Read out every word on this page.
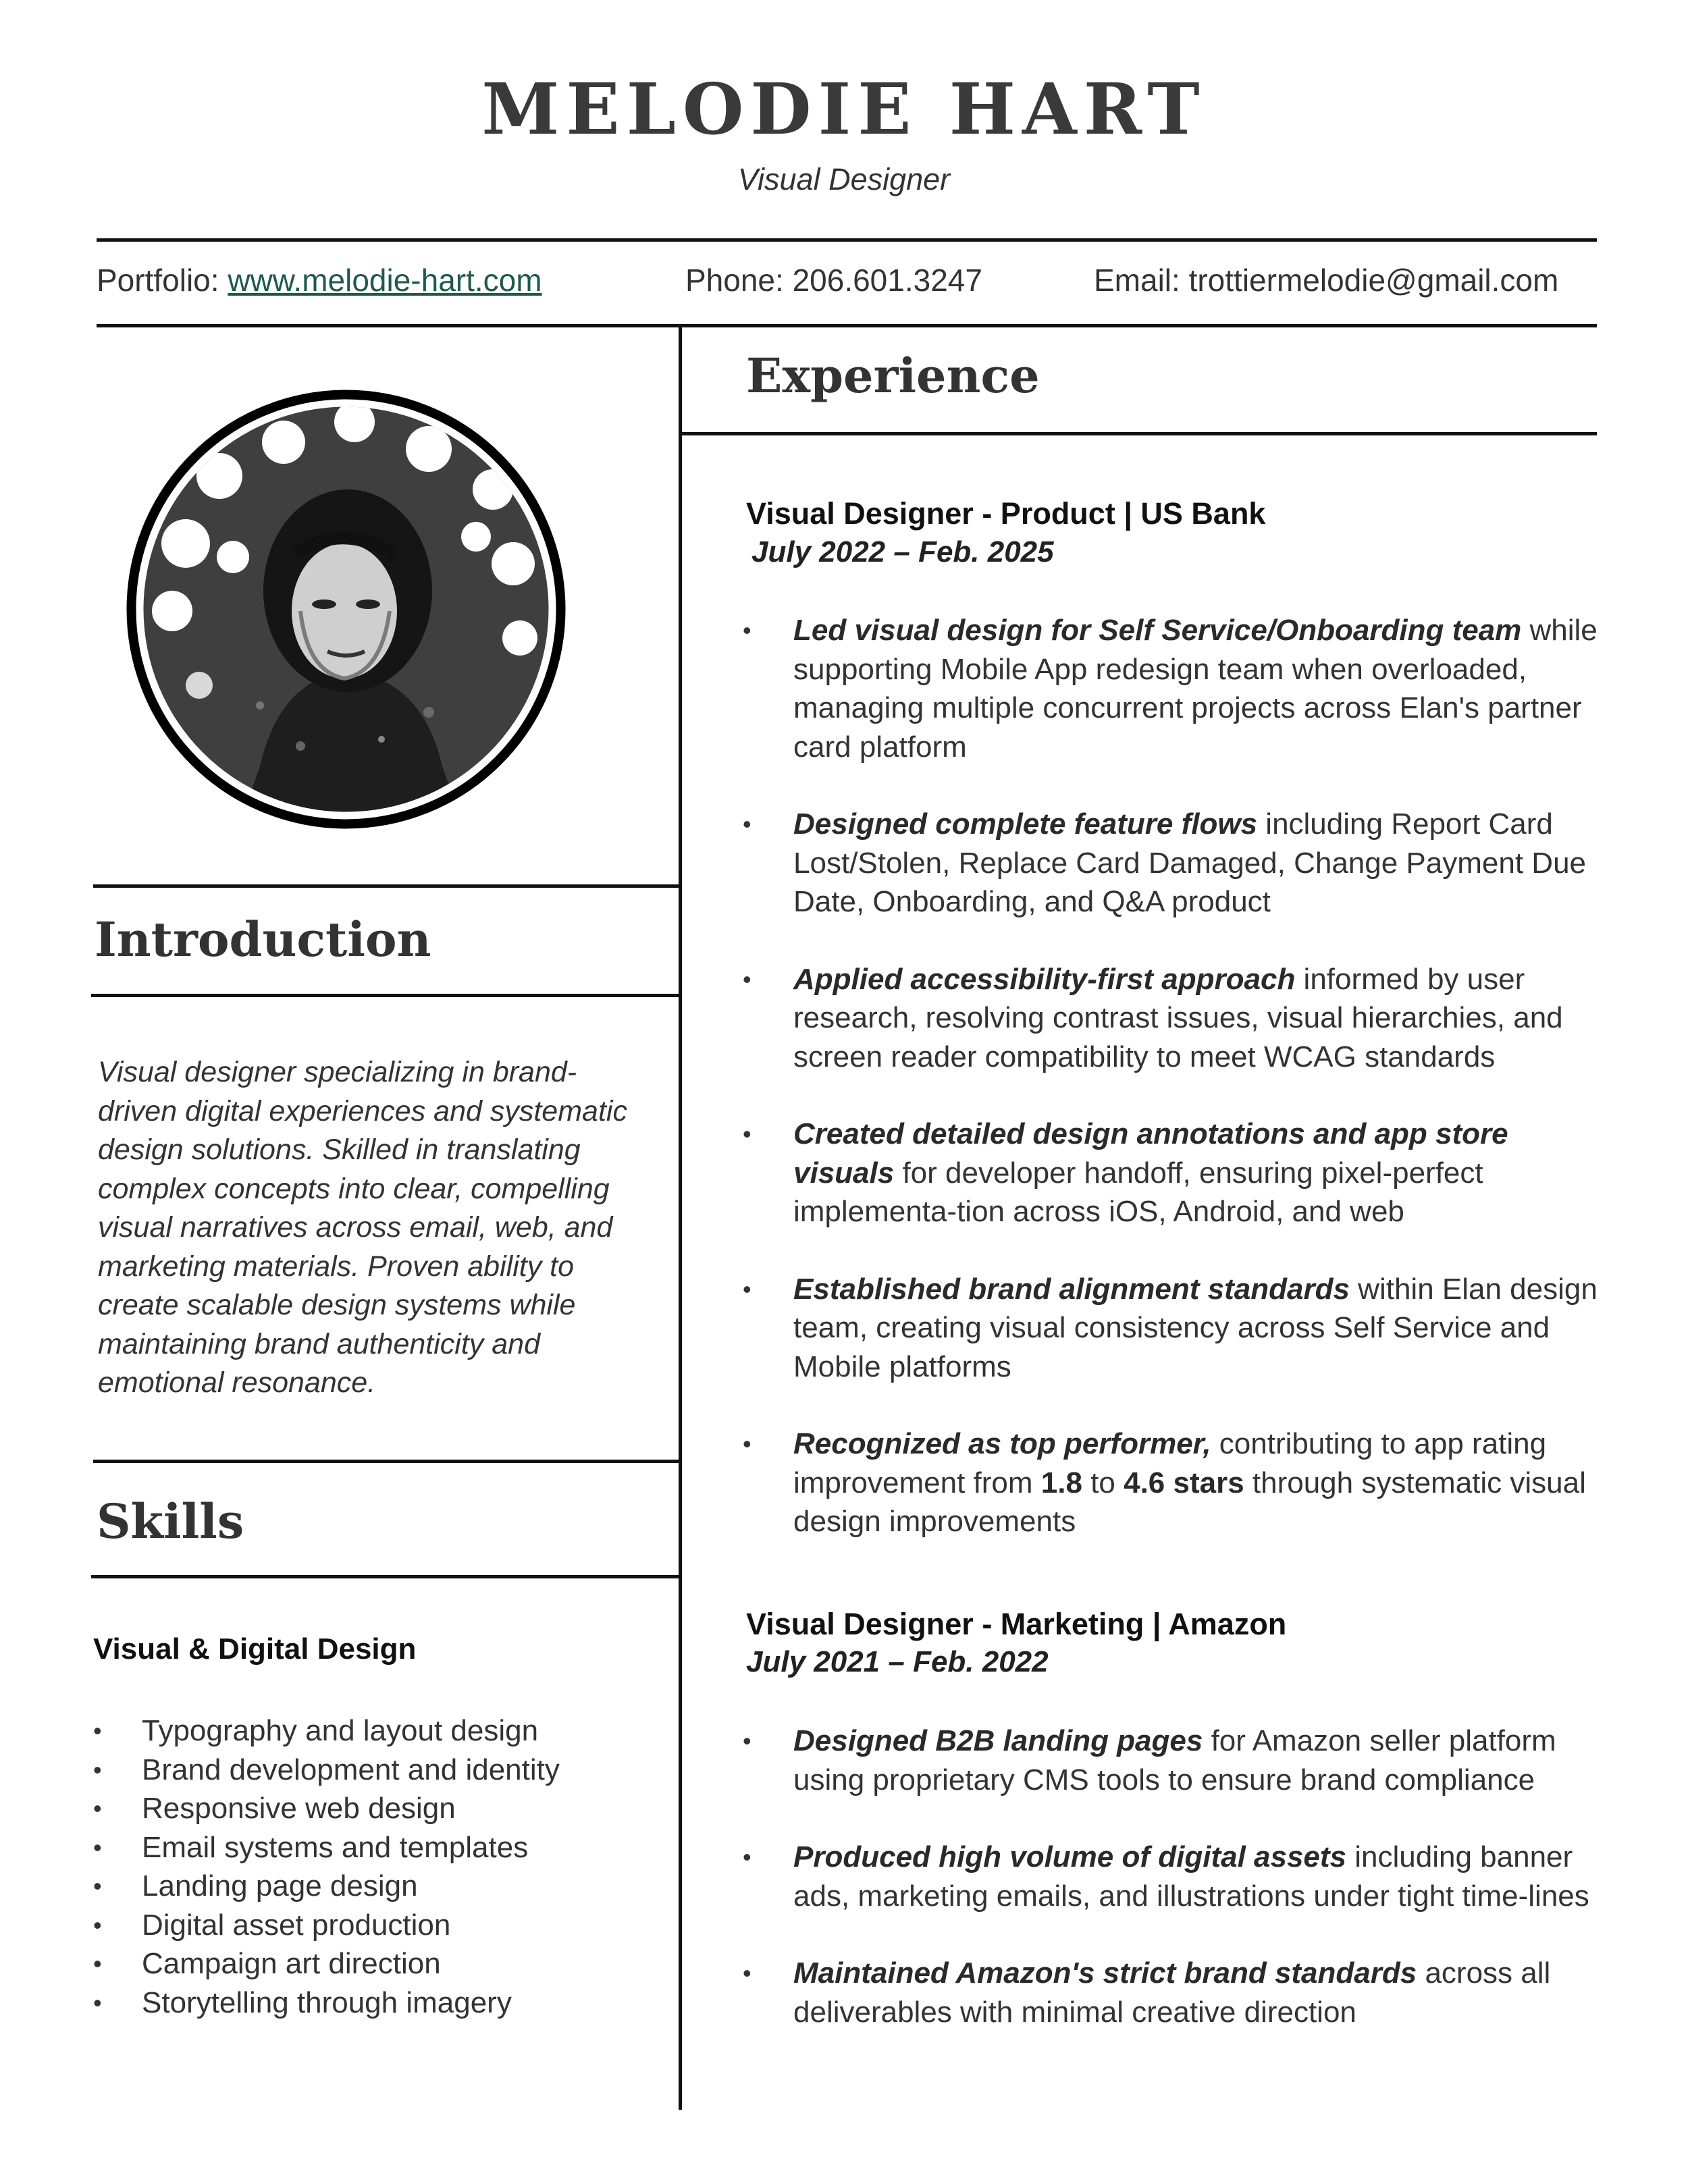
MELODIE HART
Visual Designer
Portfolio: www.melodie-hart.com	Phone: 206.601.3247	Email: trottiermelodie@gmail.com
Experience
Introduction
Visual designer specializing in brand-driven digital experiences and systematic design solutions. Skilled in translating complex concepts into clear, compelling visual narratives across email, web, and marketing materials. Proven ability to create scalable design systems while maintaining brand authenticity and emotional resonance.
Skills
Visual & Digital Design
• Typography and layout design
• Brand development and identity
• Responsive web design
• Email systems and templates
• Landing page design
• Digital asset production
• Campaign art direction
• Storytelling through imagery
Visual Designer - Product | US Bank
July 2022 – Feb. 2025
• Led visual design for Self Service/Onboarding team while supporting Mobile App redesign team when overloaded, managing multiple concurrent projects across Elan's partner card platform
• Designed complete feature flows including Report Card Lost/Stolen, Replace Card Damaged, Change Payment Due Date, Onboarding, and Q&A product
• Applied accessibility-first approach informed by user research, resolving contrast issues, visual hierarchies, and screen reader compatibility to meet WCAG standards
• Created detailed design annotations and app store visuals for developer handoff, ensuring pixel-perfect implementa-tion across iOS, Android, and web
• Established brand alignment standards within Elan design team, creating visual consistency across Self Service and Mobile platforms
• Recognized as top performer, contributing to app rating improvement from 1.8 to 4.6 stars through systematic visual design improvements
Visual Designer - Marketing | Amazon
July 2021 – Feb. 2022
• Designed B2B landing pages for Amazon seller platform using proprietary CMS tools to ensure brand compliance
• Produced high volume of digital assets including banner ads, marketing emails, and illustrations under tight time-lines
• Maintained Amazon's strict brand standards across all deliverables with minimal creative direction
